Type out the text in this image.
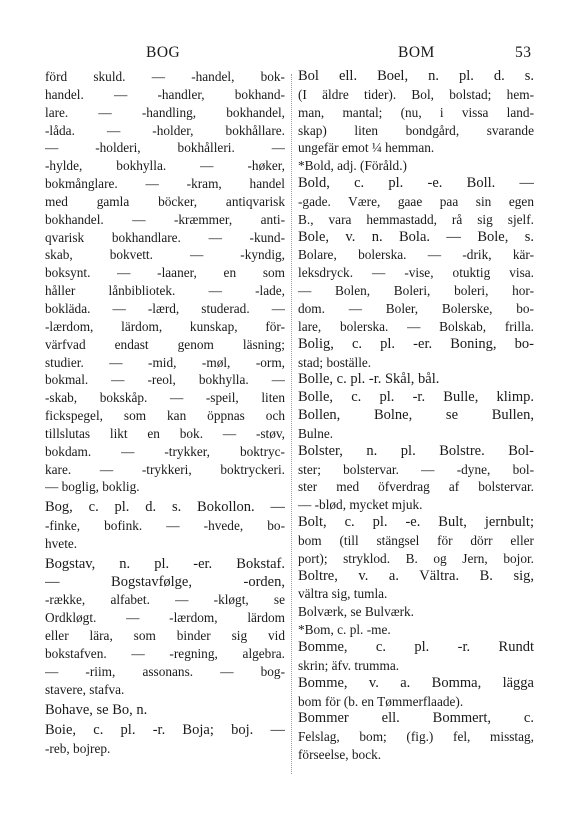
BOG	BOM	53
förd skuld. — -handel, bok-
handel. — -handler, bokhand-
lare. — -handling, bokhandel,
-låda. — -holder, bokhållare.
— -holderi, bokhålleri. —
-hylde, bokhylla. — -høker,
bokmånglare. — -kram, handel
med gamla böcker, antiqvarisk
bokhandel. — -kræmmer, anti-
qvarisk bokhandlare. — -kund-
skab, bokvett. — -kyndig,
boksynt. — -laaner, en som
håller lånbibliotek. — -lade,
bokläda. — -lærd, studerad. —
-lærdom, lärdom, kunskap, för-
värfvad endast genom läsning;
studier. — -mid, -møl, -orm,
bokmal. — -reol, bokhylla. —
-skab, bokskåp. — -speil, liten
fickspegel, som kan öppnas och
tillslutas likt en bok. — -støv,
bokdam. — -trykker, boktryc-
kare. — -trykkeri, boktryckeri.
— boglig, boklig.
Bog, c. pl. d. s. Bokollon. —
-finke, bofink. — -hvede, bo-
hvete.
Bogstav, n. pl. -er. Bokstaf.
— Bogstavfølge, -orden,
-række, alfabet. — -kløgt, se
Ordkløgt. — -lærdom, lärdom
eller lära, som binder sig vid
bokstafven. — -regning, algebra.
— -riim, assonans. — bog-
stavere, stafva.
Bohave, se Bo, n.
Boie, c. pl. -r. Boja; boj. —
-reb, bojrep.
Bol ell. Boel, n. pl. d. s.
(I äldre tider). Bol, bolstad; hem-
man, mantal; (nu, i vissa land-
skap) liten bondgård, svarande
ungefär emot ¼ hemman.
*Bold, adj. (Föråld.)
Bold, c. pl. -e. Boll. —
-gade. Være, gaae paa sin egen
B., vara hemmastadd, rå sig sjelf.
Bole, v. n. Bola. — Bole, s.
Bolare, bolerska. — -drik, kär-
leksdryck. — -vise, otuktig visa.
— Bolen, Boleri, boleri, hor-
dom. — Boler, Bolerske, bo-
lare, bolerska. — Bolskab, frilla.
Bolig, c. pl. -er. Boning, bo-
stad; boställe.
Bolle, c. pl. -r. Skål, bål.
Bolle, c. pl. -r. Bulle, klimp.
Bollen, Bolne, se Bullen,
Bulne.
Bolster, n. pl. Bolstre. Bol-
ster; bolstervar. — -dyne, bol-
ster med öfverdrag af bolstervar.
— -blød, mycket mjuk.
Bolt, c. pl. -e. Bult, jernbult;
bom (till stängsel för dörr eller
port); stryklod. B. og Jern, bojor.
Boltre, v. a. Vältra. B. sig,
vältra sig, tumla.
Bolværk, se Bulværk.
*Bom, c. pl. -me.
Bomme, c. pl. -r. Rundt
skrin; äfv. trumma.
Bomme, v. a. Bomma, lägga
bom för (b. en Tømmerflaade).
Bommer ell. Bommert, c.
Felslag, bom; (fig.) fel, misstag,
förseelse, bock.
